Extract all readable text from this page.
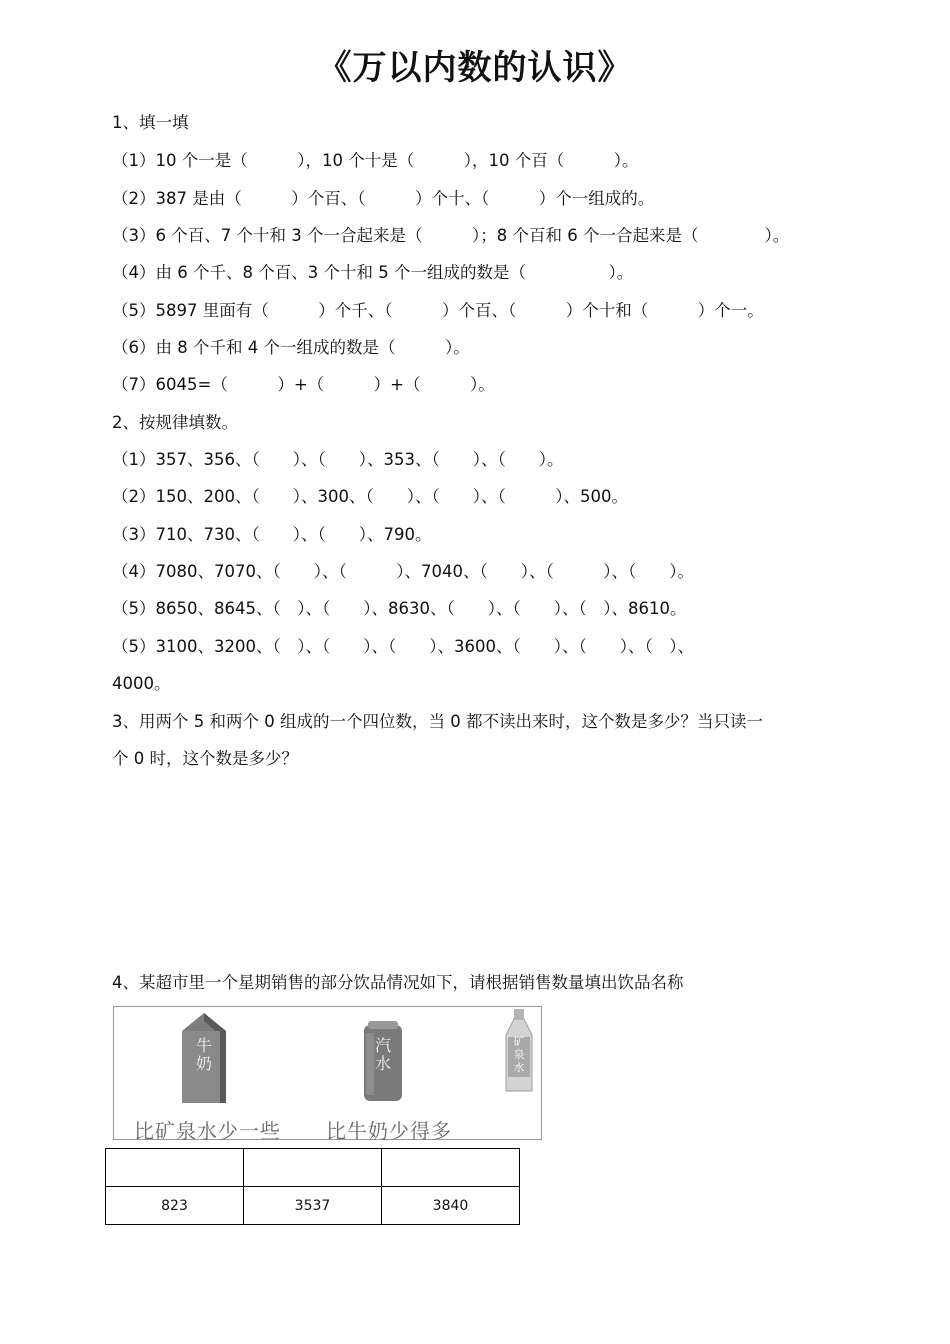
《万以内数的认识》
1、填一填
（1）10 个一是（　　　），10 个十是（　　　），10 个百（　　　）。
（2）387 是由（　　　）个百、（　　　）个十、（　　　）个一组成的。
（3）6 个百、7 个十和 3 个一合起来是（　　　）；8 个百和 6 个一合起来是（　　　　）。
（4）由 6 个千、8 个百、3 个十和 5 个一组成的数是（　　　　　）。
（5）5897 里面有（　　　）个千、（　　　）个百、（　　　）个十和（　　　）个一。
（6）由 8 个千和 4 个一组成的数是（　　　）。
（7）6045=（　　　）+（　　　）+（　　　）。
2、按规律填数。
（1）357、356、（　　）、（　　）、353、（　　）、（　　）。
（2）150、200、（　　）、300、（　　）、（　　）、（　　　）、500。
（3）710、730、（　　）、（　　）、790。
（4）7080、7070、（　　）、（　　　）、7040、（　　）、（　　　）、（　　）。
（5）8650、8645、（　）、（　　）、8630、（　　）、（　　）、（　）、8610。
（5）3100、3200、（　）、（　　）、（　　）、3600、（　　）、（　　）、（　）、
4000。
3、用两个 5 和两个 0 组成的一个四位数，当 0 都不读出来时，这个数是多少？当只读一
个 0 时，这个数是多少？
4、某超市里一个星期销售的部分饮品情况如下，请根据销售数量填出饮品名称
牛奶
汽水
矿泉水
比矿泉水少一些 比牛奶少得多

823	3537	3840
